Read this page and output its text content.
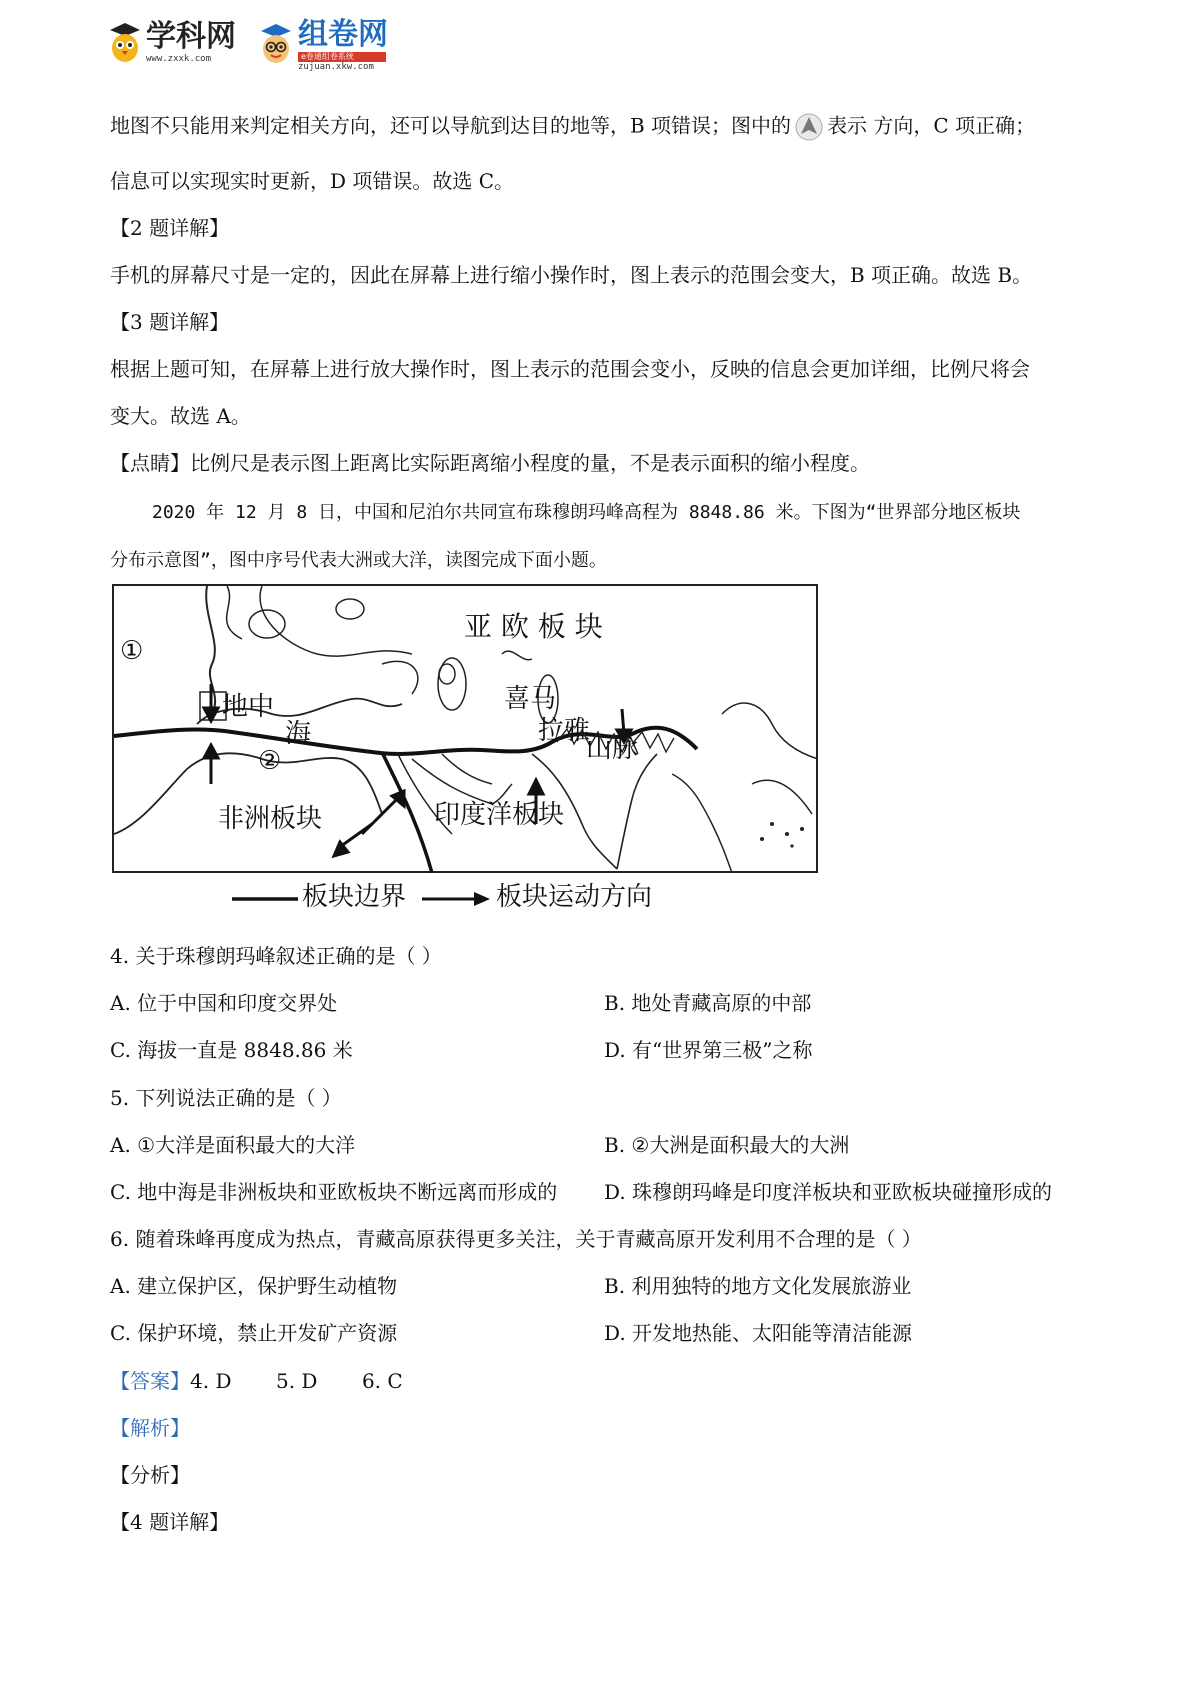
学科网
www.zxxk.com
组卷网
e卷通组卷系统
zujuan.xkw.com
地图不只能用来判定相关方向，还可以导航到达目的地等，B 项错误；图中的 表示 方向，C 项正确；
信息可以实现实时更新，D 项错误。故选 C。
【2 题详解】
手机的屏幕尺寸是一定的，因此在屏幕上进行缩小操作时，图上表示的范围会变大，B 项正确。故选 B。
【3 题详解】
根据上题可知，在屏幕上进行放大操作时，图上表示的范围会变小，反映的信息会更加详细，比例尺将会
变大。故选 A。
【点睛】比例尺是表示图上距离比实际距离缩小程度的量，不是表示面积的缩小程度。
2020 年 12 月 8 日，中国和尼泊尔共同宣布珠穆朗玛峰高程为 8848.86 米。下图为“世界部分地区板块
分布示意图”，图中序号代表大洲或大洋，读图完成下面小题。
亚 欧 板 块
①
地中
海
②
喜马
拉雅
山脉
非洲板块	印度洋板块
板块边界	板块运动方向
4. 关于珠穆朗玛峰叙述正确的是（ ）
A. 位于中国和印度交界处	B. 地处青藏高原的中部
C. 海拔一直是 8848.86 米	D. 有“世界第三极”之称
5. 下列说法正确的是（ ）
A. ①大洋是面积最大的大洋	B. ②大洲是面积最大的大洲
C. 地中海是非洲板块和亚欧板块不断远离而形成的 D. 珠穆朗玛峰是印度洋板块和亚欧板块碰撞形成的
6. 随着珠峰再度成为热点，青藏高原获得更多关注，关于青藏高原开发利用不合理的是（ ）
A. 建立保护区，保护野生动植物	B. 利用独特的地方文化发展旅游业
C. 保护环境，禁止开发矿产资源	D. 开发地热能、太阳能等清洁能源
【答案】4. D       5. D       6. C
【解析】
【分析】
【4 题详解】
